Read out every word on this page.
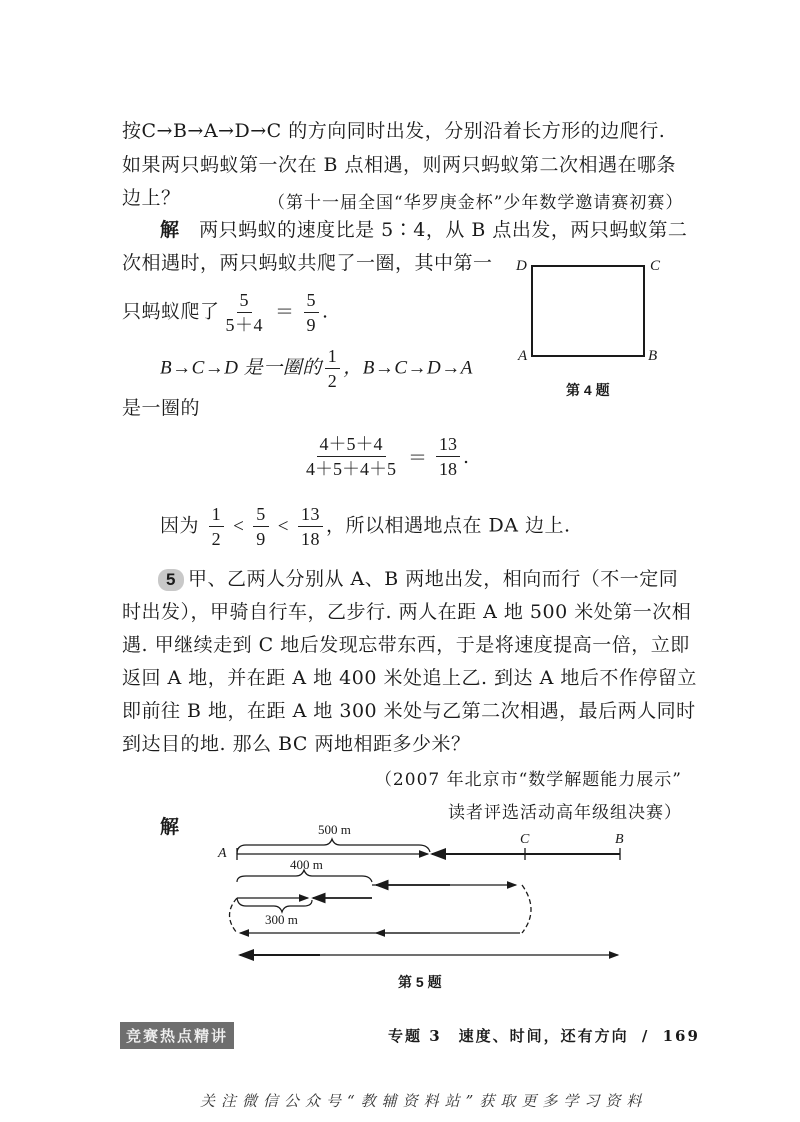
按C→B→A→D→C 的方向同时出发，分别沿着长方形的边爬行.
如果两只蚂蚁第一次在 B 点相遇，则两只蚂蚁第二次相遇在哪条
边上？	（第十一届全国“华罗庚金杯”少年数学邀请赛初赛）
解 两只蚂蚁的速度比是 5∶4，从 B 点出发，两只蚂蚁第二
次相遇时，两只蚂蚁共爬了一圈，其中第一
只蚂蚁爬了 $\frac{5}{5+4} = \frac{5}{9}$ .
B→C→D 是一圈的 $\frac{1}{2}$ ，B→C→D→A
是一圈的
$\frac{4+5+4}{4+5+4+5} = \frac{13}{18}$ .
因为 $\frac{1}{2} < \frac{5}{9} < \frac{13}{18}$ ，所以相遇地点在 DA 边上.
D	C
A	B
第 4 题
5 甲、乙两人分别从 A、B 两地出发，相向而行（不一定同
时出发），甲骑自行车，乙步行. 两人在距 A 地 500 米处第一次相
遇. 甲继续走到 C 地后发现忘带东西，于是将速度提高一倍，立即
返回 A 地，并在距 A 地 400 米处追上乙. 到达 A 地后不作停留立
即前往 B 地，在距 A 地 300 米处与乙第二次相遇，最后两人同时
到达目的地. 那么 BC 两地相距多少米？
（2007 年北京市“数学解题能力展示”
读者评选活动高年级组决赛）
解
A
C	B
500 m
400 m
300 m
第 5 题
竞赛热点精讲	专题 3　速度、时间，还有方向 / 169
关注微信公众号“教辅资料站”获取更多学习资料
